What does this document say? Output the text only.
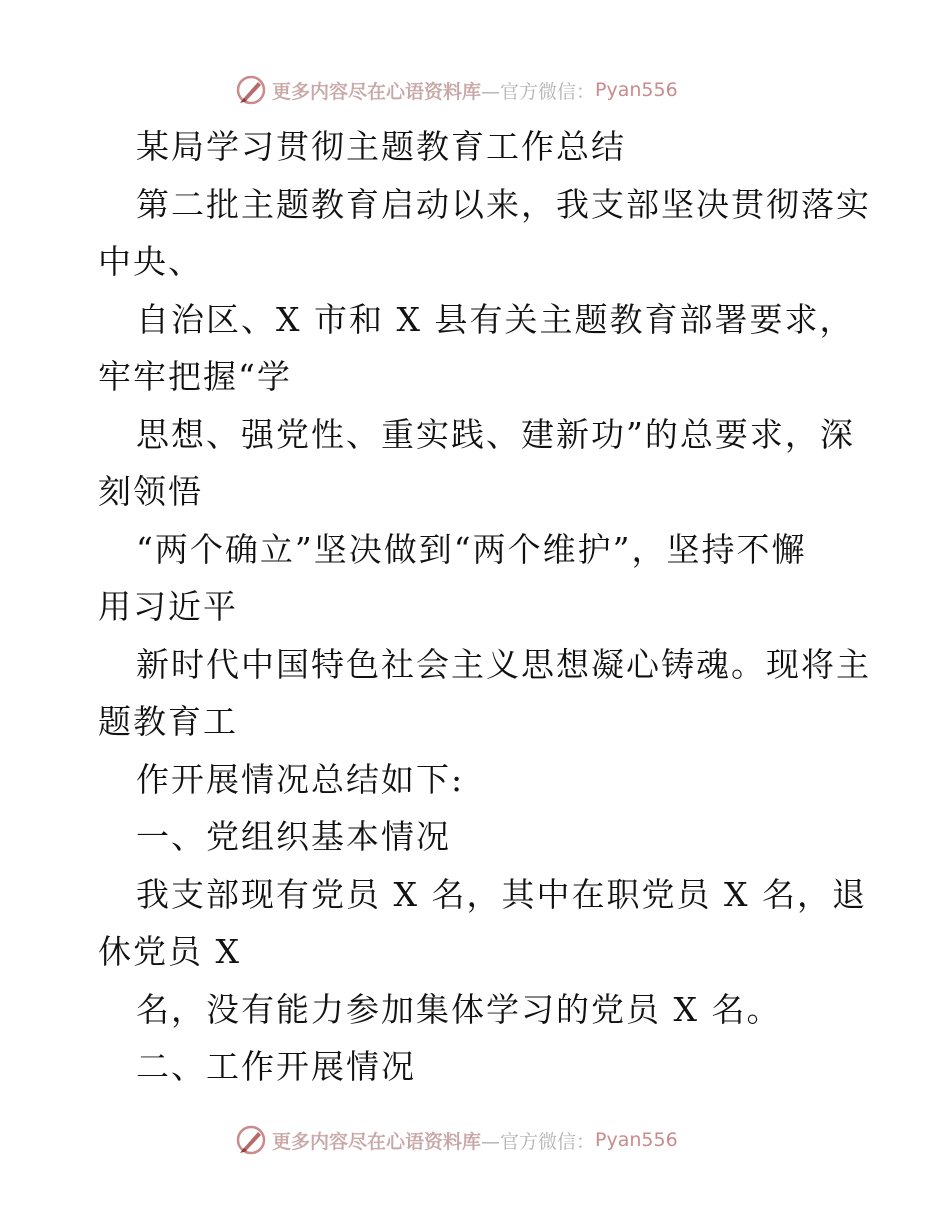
更多内容尽在心语资料库 —官方微信： Pyan556
某局学习贯彻主题教育工作总结
第二批主题教育启动以来，我支部坚决贯彻落实
中央、
自治区、X 市和 X 县有关主题教育部署要求，
牢牢把握“学
思想、强党性、重实践、建新功”的总要求，深
刻领悟
“两个确立”坚决做到“两个维护”，坚持不懈
用习近平
新时代中国特色社会主义思想凝心铸魂。现将主
题教育工
作开展情况总结如下:
一、党组织基本情况
我支部现有党员 X 名，其中在职党员 X 名，退
休党员 X
名，没有能力参加集体学习的党员 X 名。
二、工作开展情况
更多内容尽在心语资料库 —官方微信： Pyan556
